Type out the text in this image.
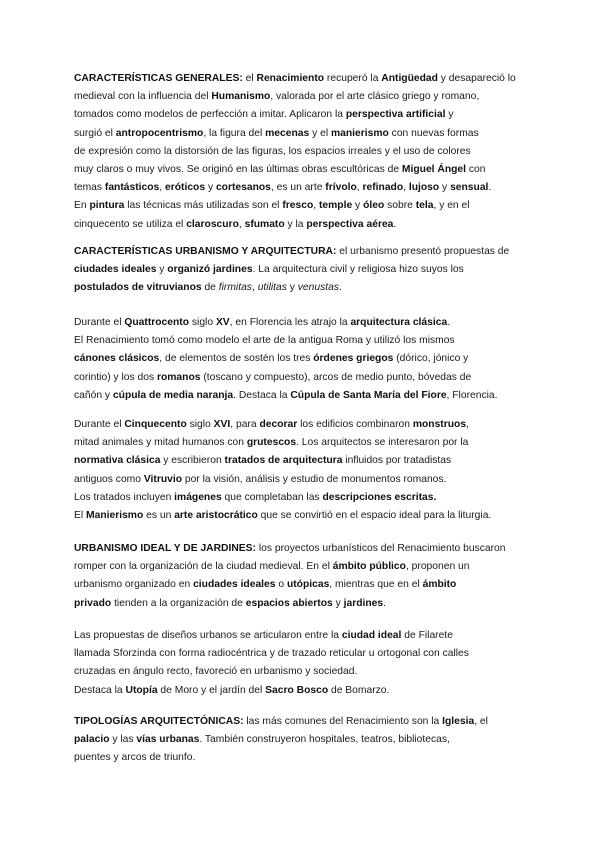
CARACTERÍSTICAS GENERALES: el Renacimiento recuperó la Antigüedad y desapareció lo
medieval con la influencia del Humanismo, valorada por el arte clásico griego y romano,
tomados como modelos de perfección a imitar. Aplicaron la perspectiva artificial y
surgió el antropocentrismo, la figura del mecenas y el manierismo con nuevas formas
de expresión como la distorsión de las figuras, los espacios irreales y el uso de colores
muy claros o muy vivos. Se originó en las últimas obras escultóricas de Miguel Ángel con
temas fantásticos, eróticos y cortesanos, es un arte frívolo, refinado, lujoso y sensual.
En pintura las técnicas más utilizadas son el fresco, temple y óleo sobre tela, y en el
cinquecento se utiliza el claroscuro, sfumato y la perspectiva aérea.
CARACTERÍSTICAS URBANISMO Y ARQUITECTURA: el urbanismo presentó propuestas de
ciudades ideales y organizó jardines. La arquitectura civil y religiosa hizo suyos los
postulados de vitruvianos de firmitas, utilitas y venustas.
Durante el Quattrocento siglo XV, en Florencia les atrajo la arquitectura clásica.
El Renacimiento tomó como modelo el arte de la antigua Roma y utilizó los mismos
cánones clásicos, de elementos de sostén los tres órdenes griegos (dórico, jónico y
corintio) y los dos romanos (toscano y compuesto), arcos de medio punto, bóvedas de
cañón y cúpula de media naranja. Destaca la Cúpula de Santa María del Fiore, Florencia.
Durante el Cinquecento siglo XVI, para decorar los edificios combinaron monstruos,
mitad animales y mitad humanos con grutescos. Los arquitectos se interesaron por la
normativa clásica y escribieron tratados de arquitectura influidos por tratadistas
antiguos como Vitruvio por la visión, análisis y estudio de monumentos romanos.
Los tratados incluyen imágenes que completaban las descripciones escritas.
El Manierismo es un arte aristocrático que se convirtió en el espacio ideal para la liturgia.
URBANISMO IDEAL Y DE JARDINES: los proyectos urbanísticos del Renacimiento buscaron
romper con la organización de la ciudad medieval. En el ámbito público, proponen un
urbanismo organizado en ciudades ideales o utópicas, mientras que en el ámbito
privado tienden a la organización de espacios abiertos y jardines.
Las propuestas de diseños urbanos se articularon entre la ciudad ideal de Filarete
llamada Sforzinda con forma radiocéntrica y de trazado reticular u ortogonal con calles
cruzadas en ángulo recto, favoreció en urbanismo y sociedad.
Destaca la Utopía de Moro y el jardín del Sacro Bosco de Bomarzo.
TIPOLOGÍAS ARQUITECTÓNICAS: las más comunes del Renacimiento son la Iglesia, el
palacio y las vías urbanas. También construyeron hospitales, teatros, bibliotecas,
puentes y arcos de triunfo.
